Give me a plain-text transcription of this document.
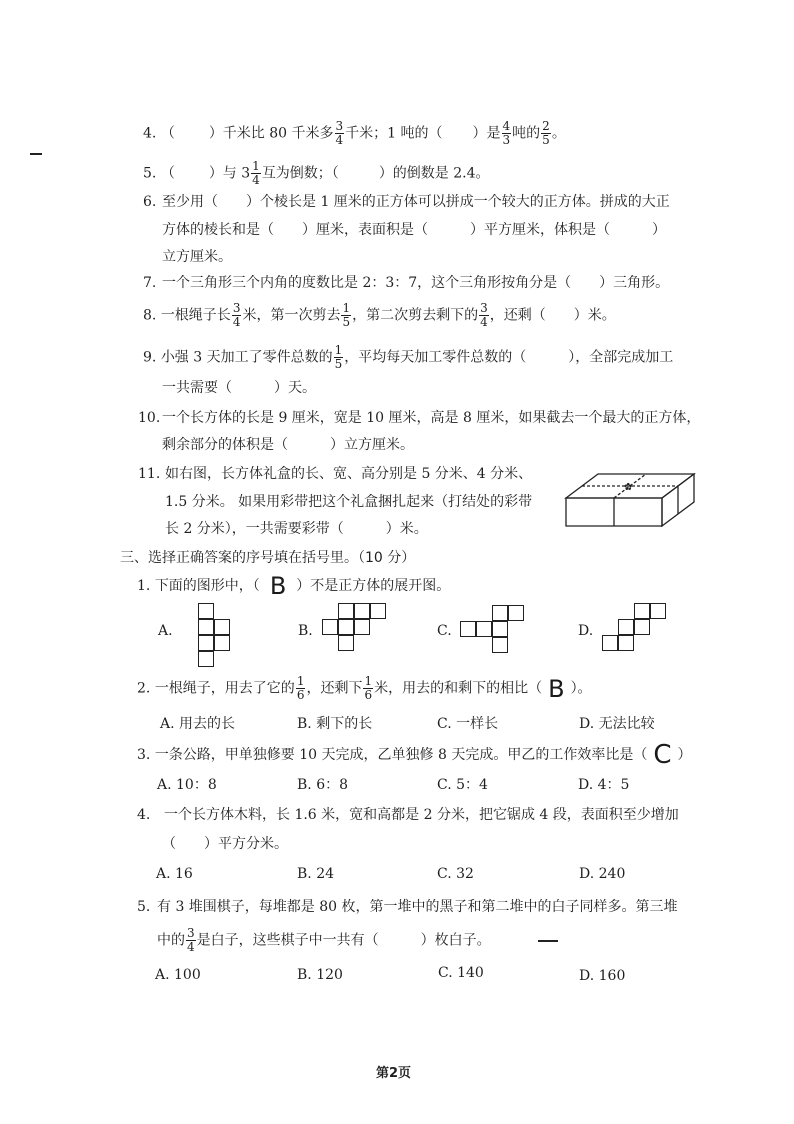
4. （ ）千米比 80 千米多 $\frac{3}{4}$ 千米；1 吨的（ ）是 $\frac{4}{3}$ 吨的 $\frac{2}{5}$ 。
5. （ ）与 $3 \frac{1}{4}$ 互为倒数；（	）的倒数是 2.4。
6. 至少用（　　）个棱长是 1 厘米的正方体可以拼成一个较大的正方体。拼成的大正
方体的棱长和是（　　）厘米，表面积是（　　　）平方厘米，体积是（　　　）
立方厘米。
7. 一个三角形三个内角的度数比是 2：3：7，这个三角形按角分是（　　）三角形。
8. 一根绳子长 $\frac{3}{4}$ 米，第一次剪去 $\frac{1}{5}$ ，第二次剪去剩下的 $\frac{3}{4}$ ，还剩（　　）米。
9. 小强 3 天加工了零件总数的 $\frac{1}{5}$ ，平均每天加工零件总数的（　　　），全部完成加工
一共需要（　　　）天。
10. 一个长方体的长是 9 厘米，宽是 10 厘米，高是 8 厘米，如果截去一个最大的正方体，
剩余部分的体积是（　　　）立方厘米。
11. 如右图，长方体礼盒的长、宽、高分别是 5 分米、4 分米、
1.5 分米。 如果用彩带把这个礼盒捆扎起来（打结处的彩带
长 2 分米），一共需要彩带（　　　）米。
✿
三、选择正确答案的序号填在括号里。（10 分）
1. 下面的图形中，（ B ）不是正方体的展开图。
A.	B.	C.	D.
2. 一根绳子，用去了它的 $\frac{1}{6}$ ，还剩下 $\frac{1}{6}$ 米，用去的和剩下的相比（ B ）。
A. 用去的长	B. 剩下的长	C. 一样长	D. 无法比较
3. 一条公路，甲单独修要 10 天完成，乙单独修 8 天完成。甲乙的工作效率比是（ C ）
A. 10：8	B. 6：8	C. 5：4	D. 4：5
4. 一个长方体木料，长 1.6 米，宽和高都是 2 分米，把它锯成 4 段，表面积至少增加
（　　）平方分米。
A. 16	B. 24	C. 32	D. 240
5. 有 3 堆围棋子，每堆都是 80 枚，第一堆中的黑子和第二堆中的白子同样多。第三堆
中的 $\frac{3}{4}$ 是白子，这些棋子中一共有（　　　）枚白子。
A. 100	B. 120	C. 140	D. 160
第2页
